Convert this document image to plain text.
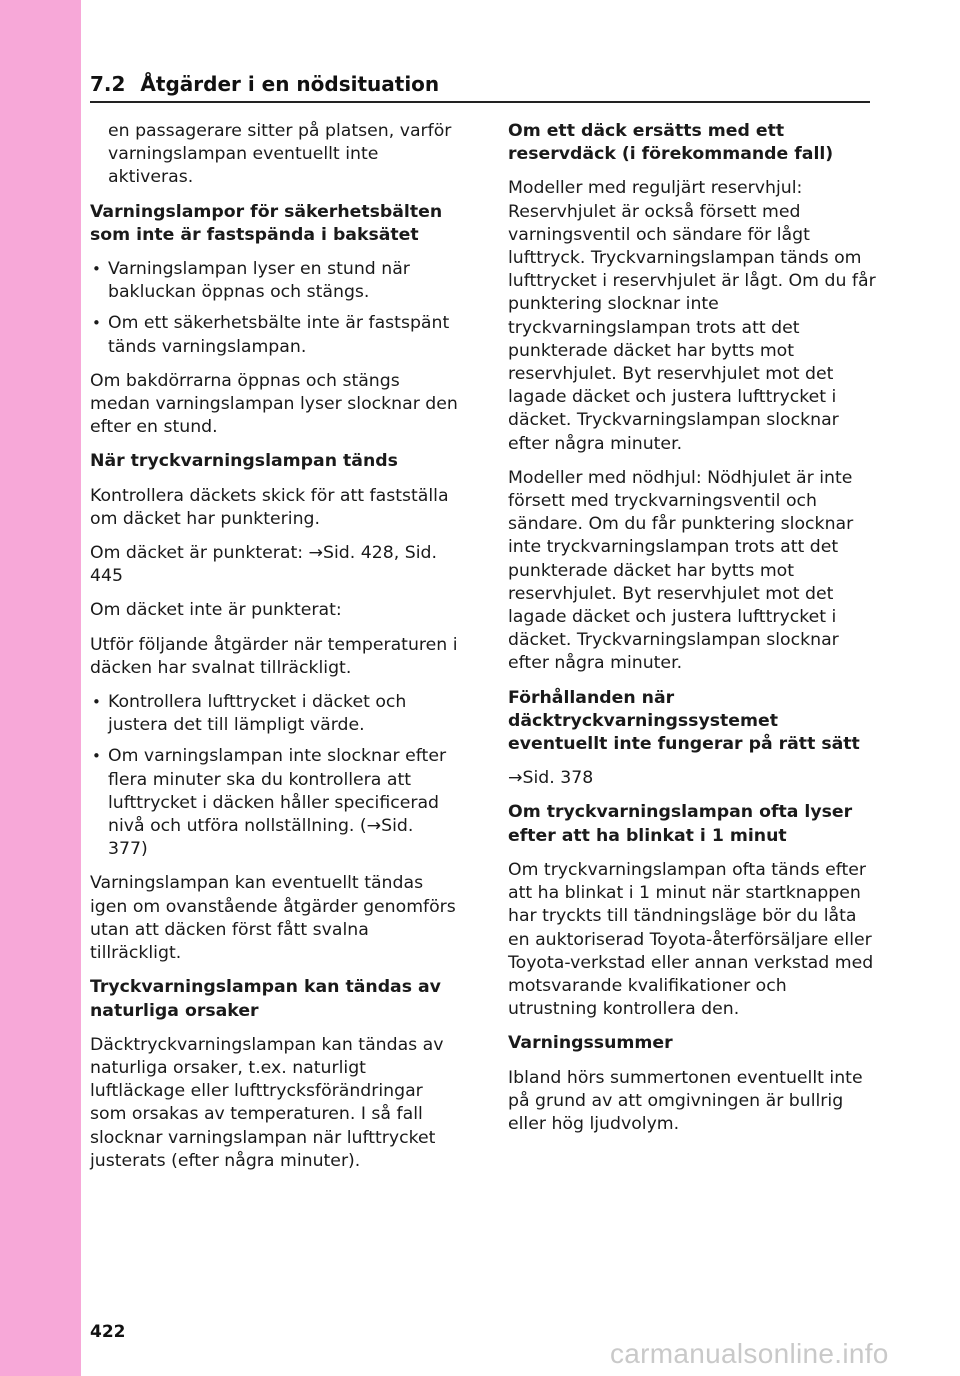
7.2 Åtgärder i en nödsituation

en passagerare sitter på platsen, varför varningslampan eventuellt inte aktiveras.

Varningslampor för säkerhetsbälten som inte är fastspända i baksätet

• Varningslampan lyser en stund när bakluckan öppnas och stängs.
• Om ett säkerhetsbälte inte är fastspänt tänds varningslampan.

Om bakdörrarna öppnas och stängs medan varningslampan lyser slocknar den efter en stund.

När tryckvarningslampan tänds

Kontrollera däckets skick för att fastställa om däcket har punktering.

Om däcket är punkterat: →Sid. 428, Sid. 445

Om däcket inte är punkterat:

Utför följande åtgärder när temperaturen i däcken har svalnat tillräckligt.

• Kontrollera lufttrycket i däcket och justera det till lämpligt värde.
• Om varningslampan inte slocknar efter flera minuter ska du kontrollera att lufttrycket i däcken håller specificerad nivå och utföra nollställning. (→Sid. 377)

Varningslampan kan eventuellt tändas igen om ovanstående åtgärder genomförs utan att däcken först fått svalna tillräckligt.

Tryckvarningslampan kan tändas av naturliga orsaker

Däcktryckvarningslampan kan tändas av naturliga orsaker, t.ex. naturligt luftläckage eller lufttrycksförändringar som orsakas av temperaturen. I så fall slocknar varningslampan när lufttrycket justerats (efter några minuter).

Om ett däck ersätts med ett reservdäck (i förekommande fall)

Modeller med reguljärt reservhjul: Reservhjulet är också försett med varningsventil och sändare för lågt lufttryck. Tryckvarningslampan tänds om lufttrycket i reservhjulet är lågt. Om du får punktering slocknar inte tryckvarningslampan trots att det punkterade däcket har bytts mot reservhjulet. Byt reservhjulet mot det lagade däcket och justera lufttrycket i däcket. Tryckvarningslampan slocknar efter några minuter.

Modeller med nödhjul: Nödhjulet är inte försett med tryckvarningsventil och sändare. Om du får punktering slocknar inte tryckvarningslampan trots att det punkterade däcket har bytts mot reservhjulet. Byt reservhjulet mot det lagade däcket och justera lufttrycket i däcket. Tryckvarningslampan slocknar efter några minuter.

Förhållanden när däcktryckvarningssystemet eventuellt inte fungerar på rätt sätt

→Sid. 378

Om tryckvarningslampan ofta lyser efter att ha blinkat i 1 minut

Om tryckvarningslampan ofta tänds efter att ha blinkat i 1 minut när startknappen har tryckts till tändningsläge bör du låta en auktoriserad Toyota-återförsäljare eller Toyota-verkstad eller annan verkstad med motsvarande kvalifikationer och utrustning kontrollera den.

Varningssummer

Ibland hörs summertonen eventuellt inte på grund av att omgivningen är bullrig eller hög ljudvolym.

422
carmanualsonline.info
